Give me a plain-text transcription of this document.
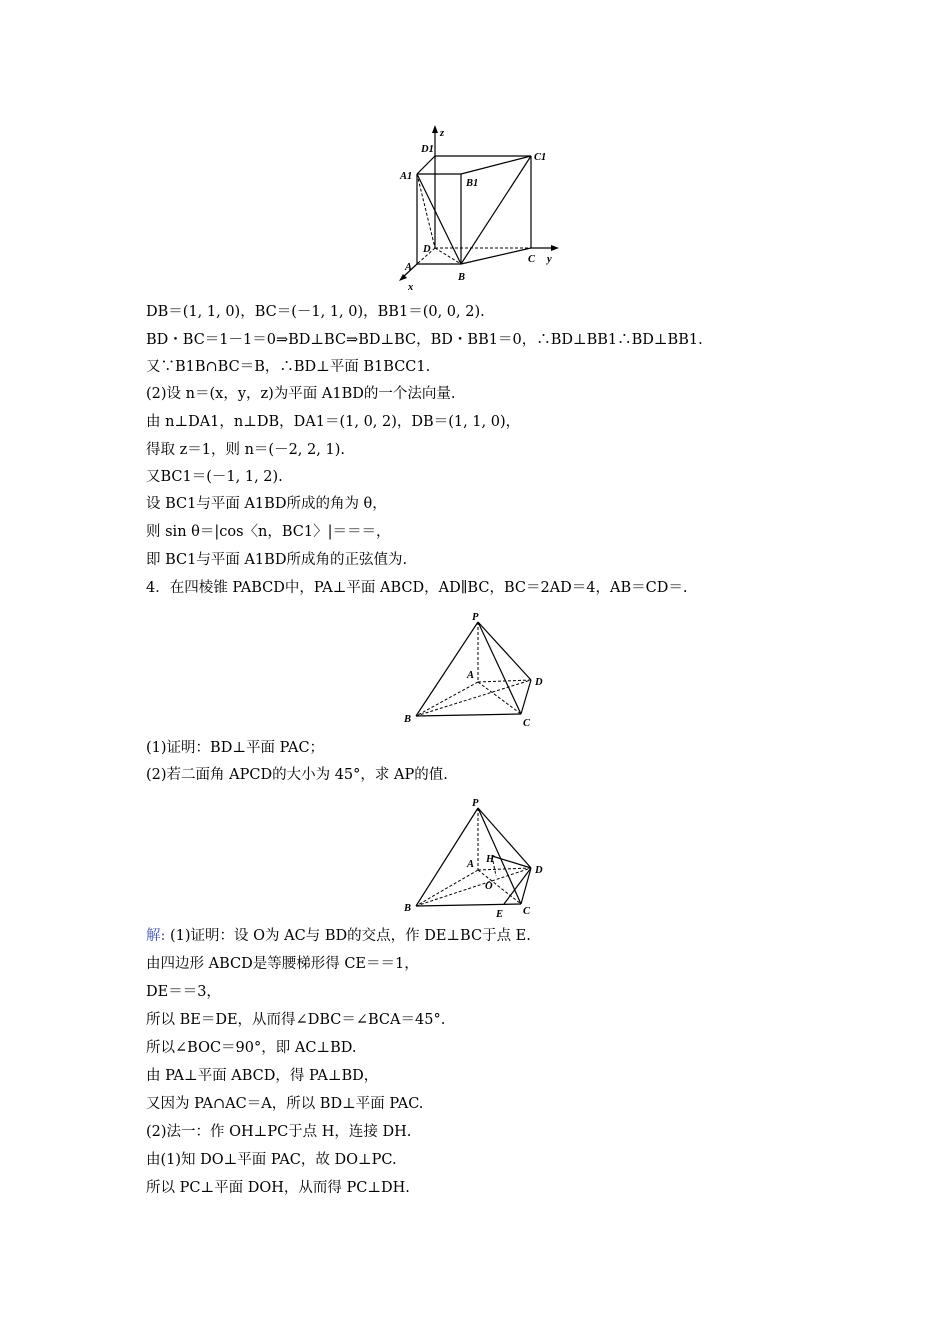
z
D1
C1
A1
B1
D
A
B
C y
x
DB＝(1, 1, 0)，BC＝(－1, 1, 0)，BB1＝(0, 0, 2).
BD・BC＝1－1＝0⇒BD⊥BC⇒BD⊥BC，BD・BB1＝0，∴BD⊥BB1∴BD⊥BB1.
又∵B1B∩BC＝B，∴BD⊥平面 B1BCC1.
(2)设 n＝(x，y，z)为平面 A1BD的一个法向量.
由 n⊥DA1，n⊥DB，DA1＝(1, 0, 2)，DB＝(1, 1, 0)，
得取 z＝1，则 n＝(－2, 2, 1).
又BC1＝(－1, 1, 2).
设 BC1与平面 A1BD所成的角为 θ，
则 sin θ＝|cos〈n，BC1〉|＝＝＝，
即 BC1与平面 A1BD所成角的正弦值为.
4．在四棱锥 PABCD中，PA⊥平面 ABCD，AD∥BC，BC＝2AD＝4，AB＝CD＝.
P
A
D
B	C
(1)证明：BD⊥平面 PAC；
(2)若二面角 APCD的大小为 45°，求 AP的值.
P
A H
D
O
B
E C
解: (1)证明：设 O为 AC与 BD的交点，作 DE⊥BC于点 E.
由四边形 ABCD是等腰梯形得 CE＝＝1，
DE＝＝3，
所以 BE＝DE，从而得∠DBC＝∠BCA＝45°.
所以∠BOC＝90°，即 AC⊥BD.
由 PA⊥平面 ABCD，得 PA⊥BD，
又因为 PA∩AC＝A，所以 BD⊥平面 PAC.
(2)法一：作 OH⊥PC于点 H，连接 DH.
由(1)知 DO⊥平面 PAC，故 DO⊥PC.
所以 PC⊥平面 DOH，从而得 PC⊥DH.
